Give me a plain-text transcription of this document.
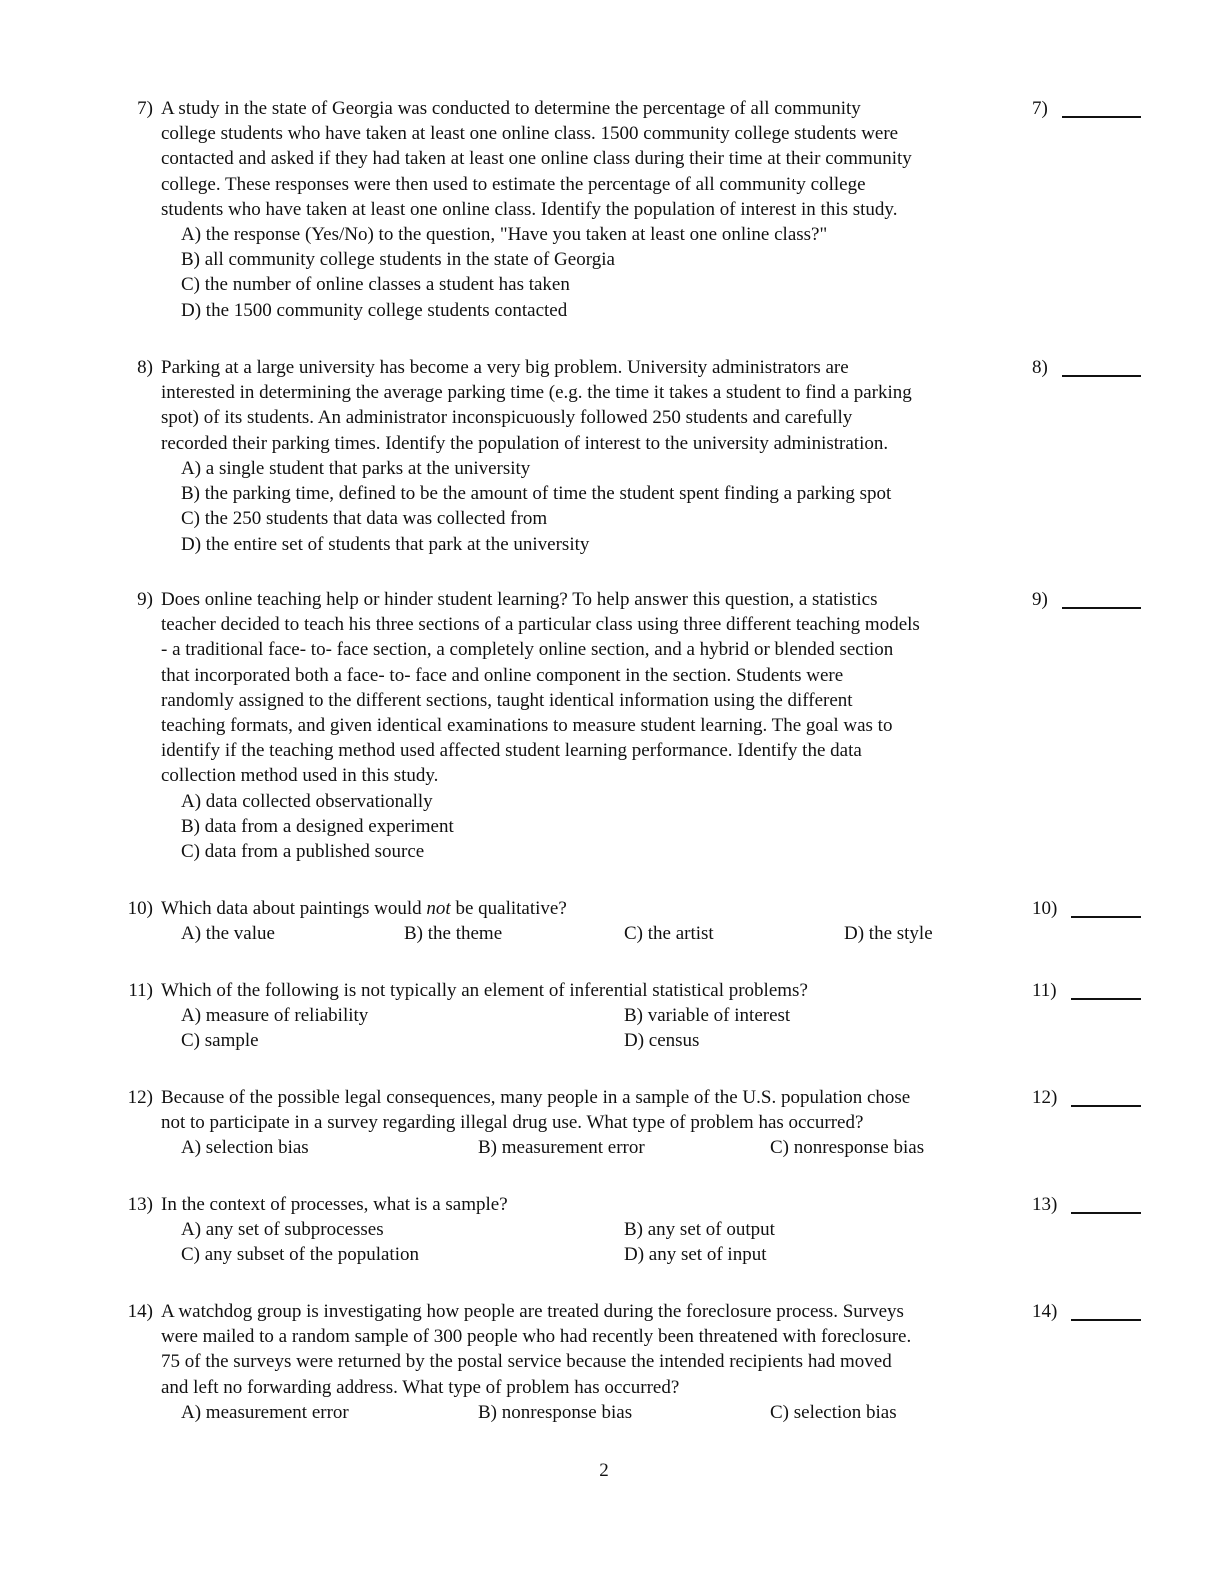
7) A study in the state of Georgia was conducted to determine the percentage of all community
college students who have taken at least one online class. 1500 community college students were
contacted and asked if they had taken at least one online class during their time at their community
college. These responses were then used to estimate the percentage of all community college
students who have taken at least one online class. Identify the population of interest in this study.
A) the response (Yes/No) to the question, "Have you taken at least one online class?"
B) all community college students in the state of Georgia
C) the number of online classes a student has taken
D) the 1500 community college students contacted
7)
8) Parking at a large university has become a very big problem. University administrators are
interested in determining the average parking time (e.g. the time it takes a student to find a parking
spot) of its students. An administrator inconspicuously followed 250 students and carefully
recorded their parking times. Identify the population of interest to the university administration.
A) a single student that parks at the university
B) the parking time, defined to be the amount of time the student spent finding a parking spot
C) the 250 students that data was collected from
D) the entire set of students that park at the university
8)
9) Does online teaching help or hinder student learning? To help answer this question, a statistics
teacher decided to teach his three sections of a particular class using three different teaching models
- a traditional face- to- face section, a completely online section, and a hybrid or blended section
that incorporated both a face- to- face and online component in the section. Students were
randomly assigned to the different sections, taught identical information using the different
teaching formats, and given identical examinations to measure student learning. The goal was to
identify if the teaching method used affected student learning performance. Identify the data
collection method used in this study.
A) data collected observationally
B) data from a designed experiment
C) data from a published source
9)
10) Which data about paintings would not be qualitative?
A) the value	B) the theme	C) the artist	D) the style
10)
11) Which of the following is not typically an element of inferential statistical problems?
A) measure of reliability	B) variable of interest
C) sample	D) census
11)
12) Because of the possible legal consequences, many people in a sample of the U.S. population chose
not to participate in a survey regarding illegal drug use. What type of problem has occurred?
A) selection bias	B) measurement error	C) nonresponse bias
12)
13) In the context of processes, what is a sample?
A) any set of subprocesses	B) any set of output
C) any subset of the population	D) any set of input
13)
14) A watchdog group is investigating how people are treated during the foreclosure process. Surveys
were mailed to a random sample of 300 people who had recently been threatened with foreclosure.
75 of the surveys were returned by the postal service because the intended recipients had moved
and left no forwarding address. What type of problem has occurred?
A) measurement error	B) nonresponse bias	C) selection bias
14)
2
